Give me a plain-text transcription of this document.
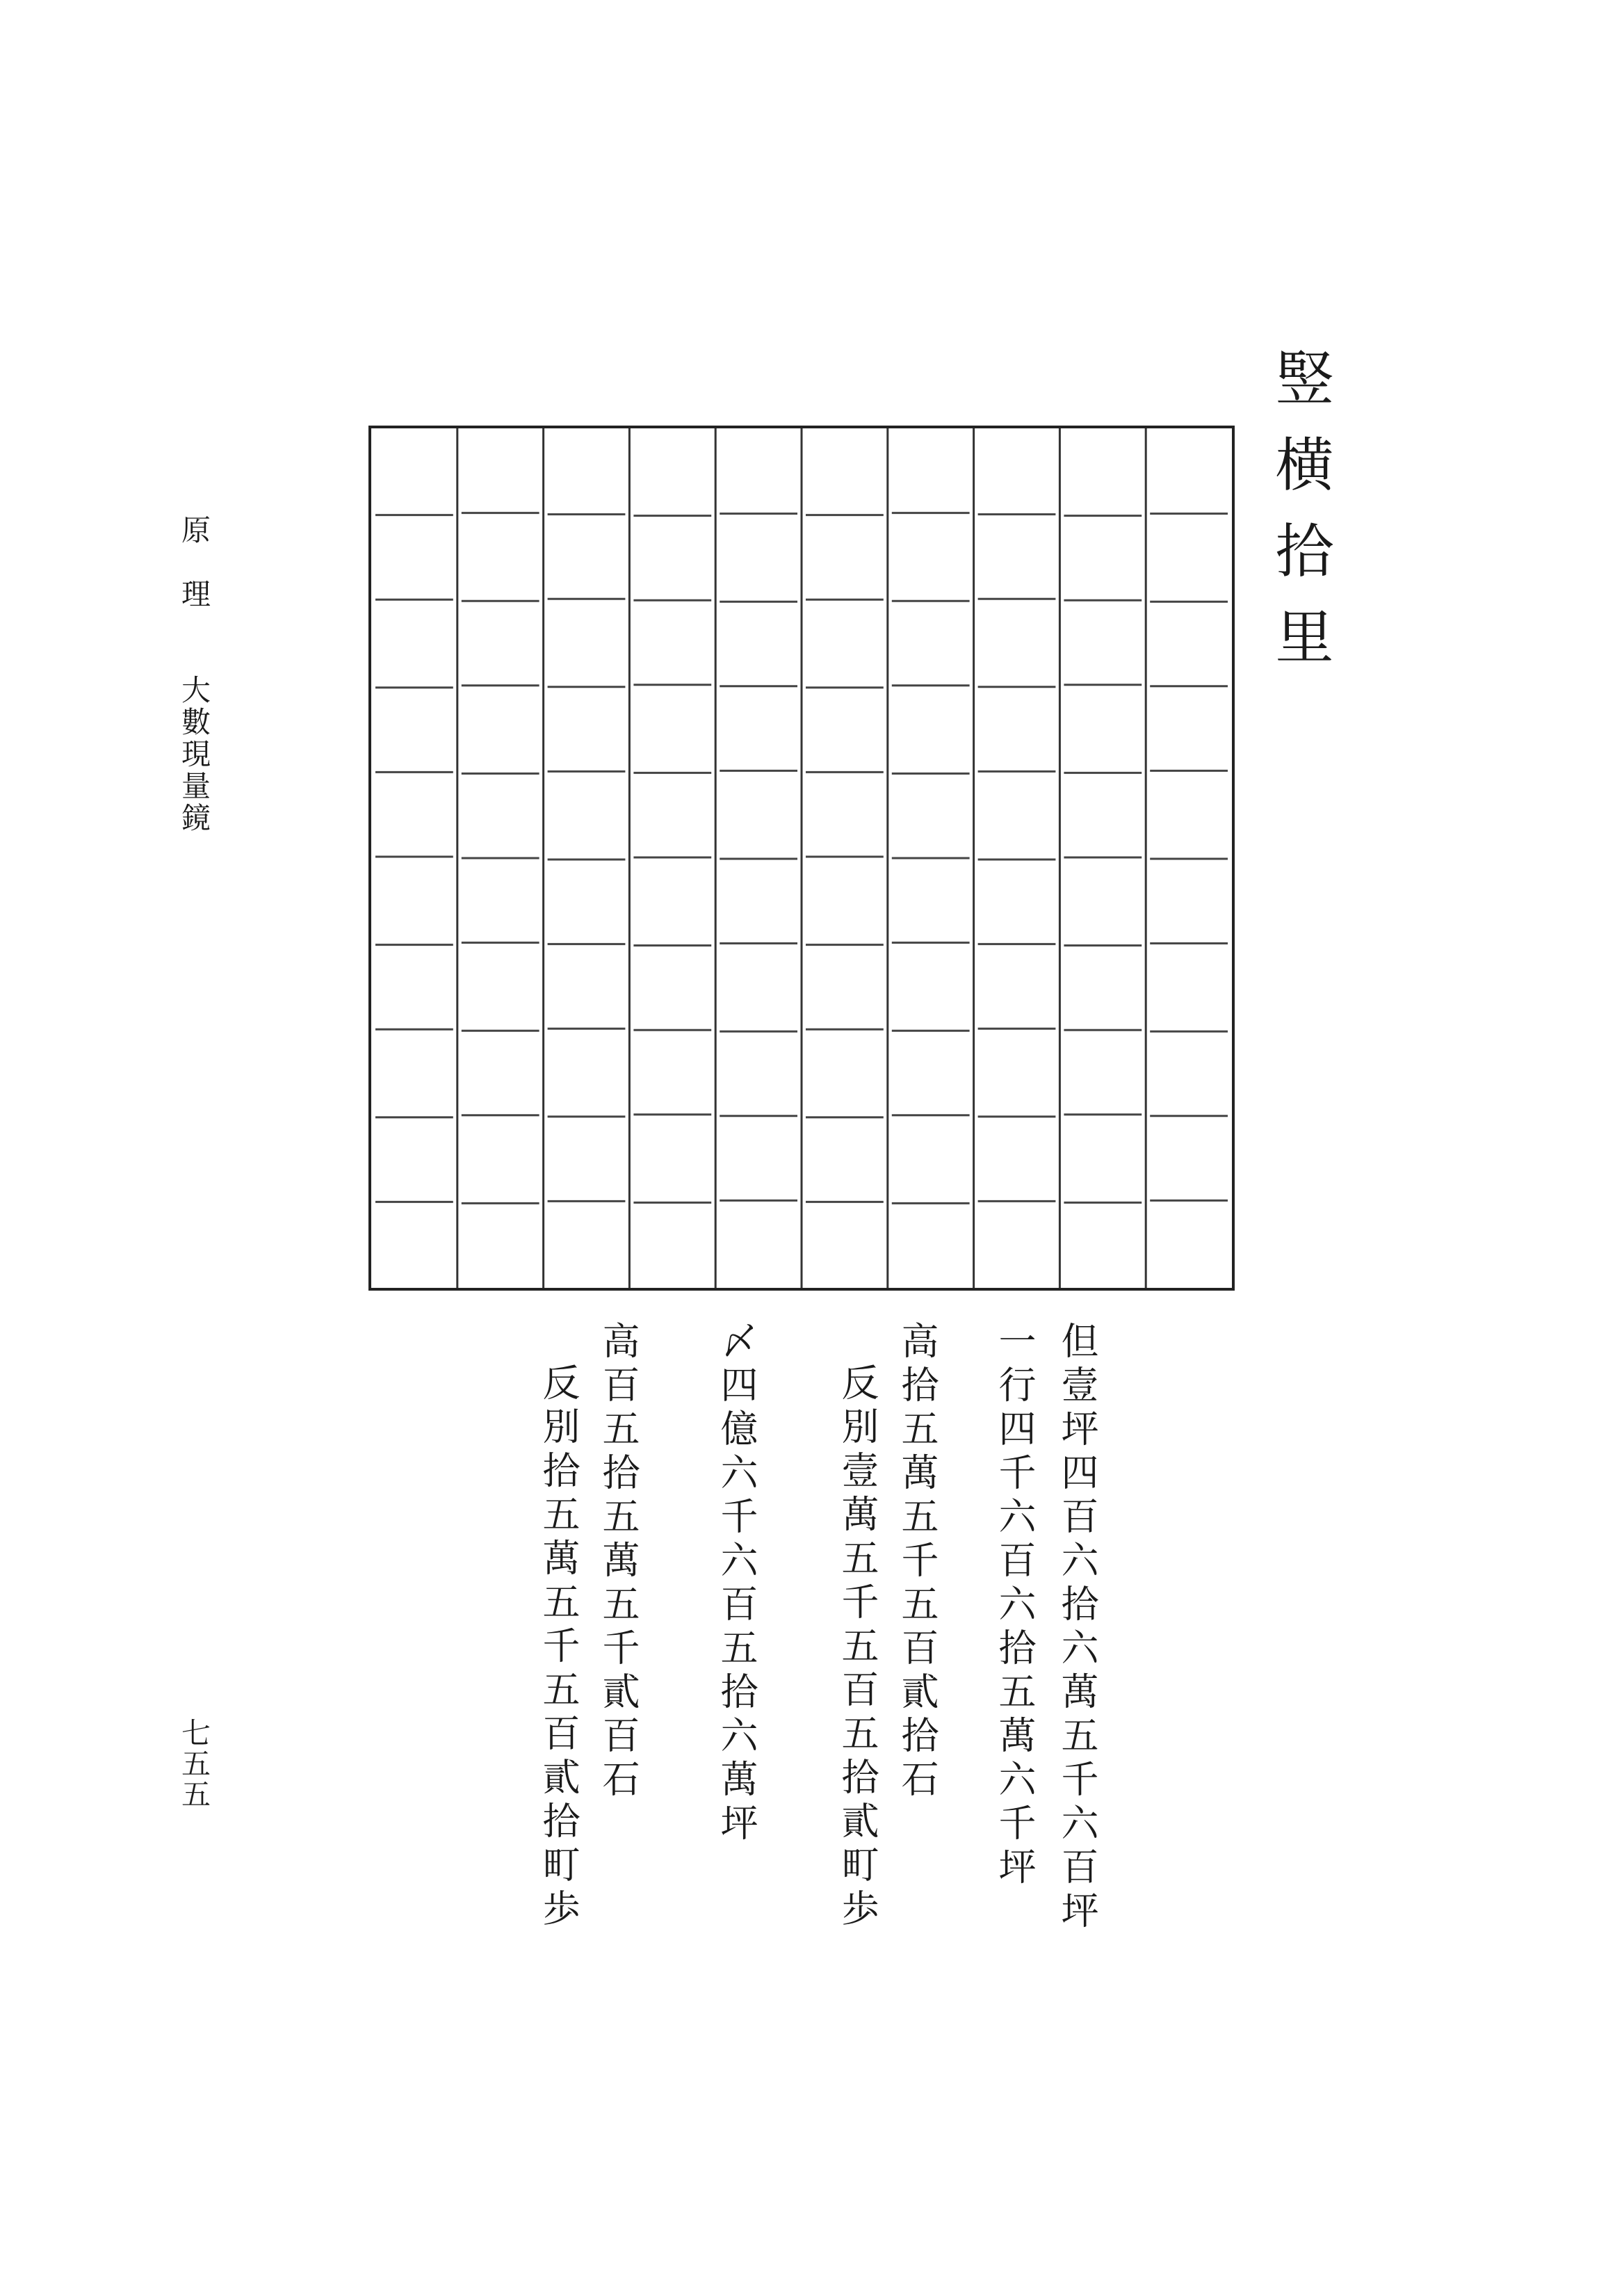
竪横拾里
原　理　　大數現量鏡
七五五	但壹坪四百六拾六萬五千六百坪
一行四千六百六拾五萬六千坪
高拾五萬五千五百貳拾石
反別壹萬五千五百五拾貳町歩
〆四億六千六百五拾六萬坪
高百五拾五萬五千貳百石
反別拾五萬五千五百貳拾町歩
